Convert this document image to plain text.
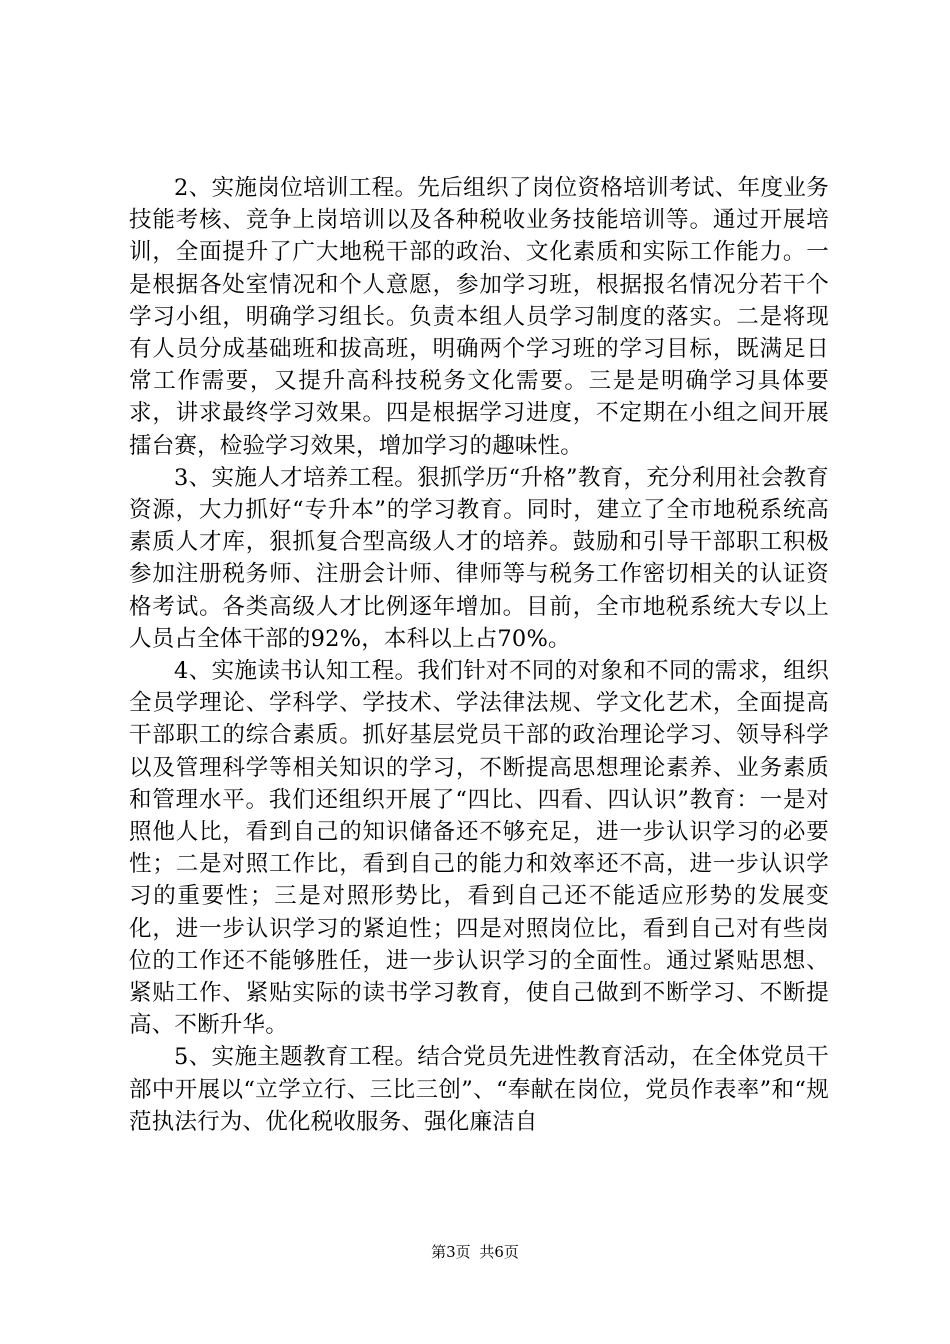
2、实施岗位培训工程。先后组织了岗位资格培训考试、年度业务技能考核、竞争上岗培训以及各种税收业务技能培训等。通过开展培训，全面提升了广大地税干部的政治、文化素质和实际工作能力。一是根据各处室情况和个人意愿，参加学习班，根据报名情况分若干个学习小组，明确学习组长。负责本组人员学习制度的落实。二是将现有人员分成基础班和拔高班，明确两个学习班的学习目标，既满足日常工作需要，又提升高科技税务文化需要。三是是明确学习具体要求，讲求最终学习效果。四是根据学习进度，不定期在小组之间开展擂台赛，检验学习效果，增加学习的趣味性。

3、实施人才培养工程。狠抓学历“升格”教育，充分利用社会教育资源，大力抓好“专升本”的学习教育。同时，建立了全市地税系统高素质人才库，狠抓复合型高级人才的培养。鼓励和引导干部职工积极参加注册税务师、注册会计师、律师等与税务工作密切相关的认证资格考试。各类高级人才比例逐年增加。目前，全市地税系统大专以上人员占全体干部的92%，本科以上占70%。

4、实施读书认知工程。我们针对不同的对象和不同的需求，组织全员学理论、学科学、学技术、学法律法规、学文化艺术，全面提高干部职工的综合素质。抓好基层党员干部的政治理论学习、领导科学以及管理科学等相关知识的学习，不断提高思想理论素养、业务素质和管理水平。我们还组织开展了“四比、四看、四认识”教育：一是对照他人比，看到自己的知识储备还不够充足，进一步认识学习的必要性；二是对照工作比，看到自己的能力和效率还不高，进一步认识学习的重要性；三是对照形势比，看到自己还不能适应形势的发展变化，进一步认识学习的紧迫性；四是对照岗位比，看到自己对有些岗位的工作还不能够胜任，进一步认识学习的全面性。通过紧贴思想、紧贴工作、紧贴实际的读书学习教育，使自己做到不断学习、不断提高、不断升华。

5、实施主题教育工程。结合党员先进性教育活动，在全体党员干部中开展以“立学立行、三比三创”、“奉献在岗位，党员作表率”和“规范执法行为、优化税收服务、强化廉洁自

第3页 共6页
